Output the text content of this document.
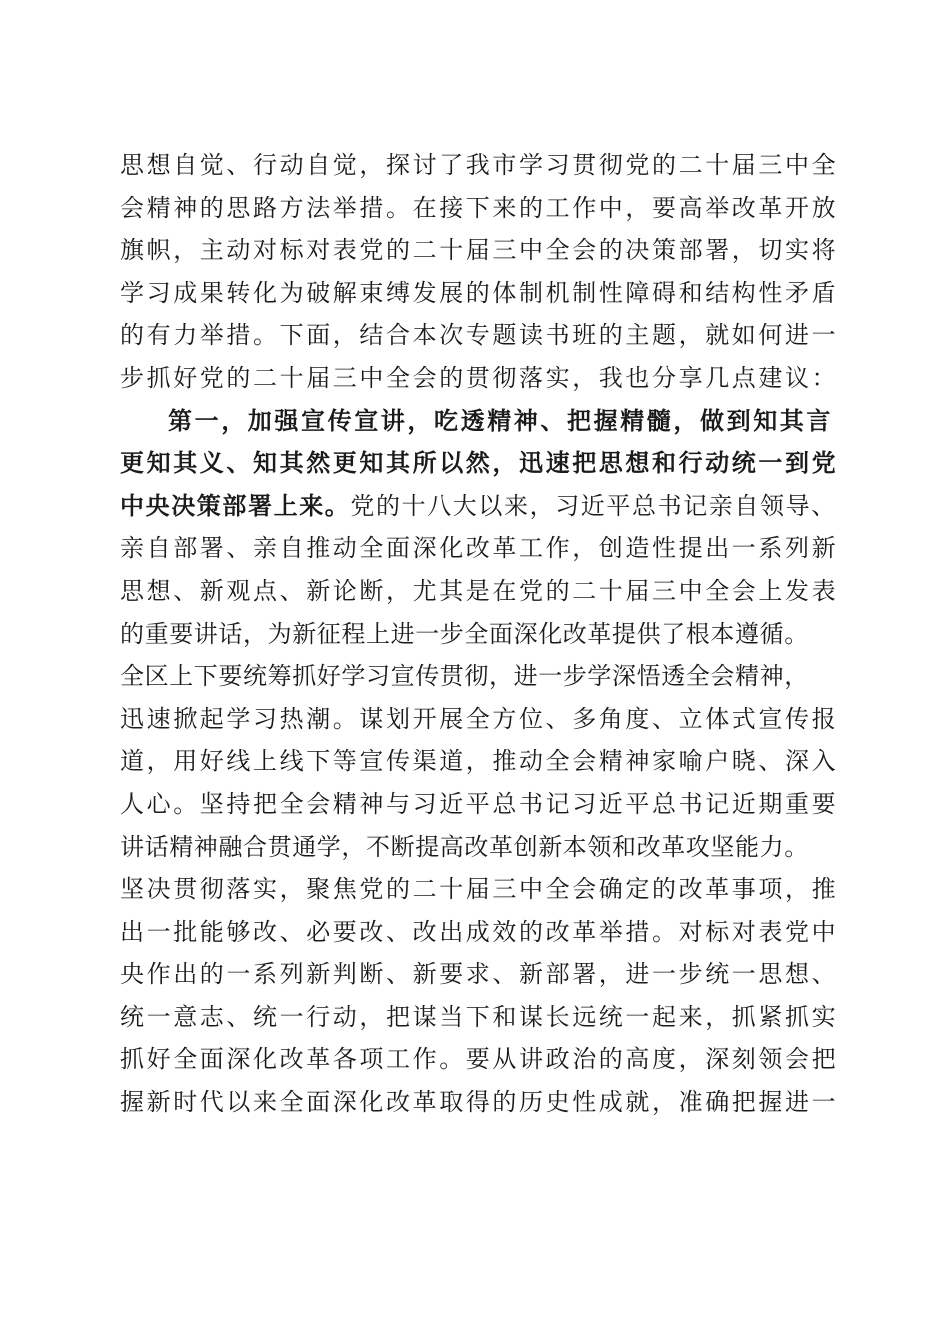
思想自觉、行动自觉，探讨了我市学习贯彻党的二十届三中全
会精神的思路方法举措。在接下来的工作中，要高举改革开放
旗帜，主动对标对表党的二十届三中全会的决策部署，切实将
学习成果转化为破解束缚发展的体制机制性障碍和结构性矛盾
的有力举措。下面，结合本次专题读书班的主题，就如何进一
步抓好党的二十届三中全会的贯彻落实，我也分享几点建议：
第一，加强宣传宣讲，吃透精神、把握精髓，做到知其言
更知其义、知其然更知其所以然，迅速把思想和行动统一到党
中央决策部署上来。党的十八大以来，习近平总书记亲自领导、
亲自部署、亲自推动全面深化改革工作，创造性提出一系列新
思想、新观点、新论断，尤其是在党的二十届三中全会上发表
的重要讲话，为新征程上进一步全面深化改革提供了根本遵循。
全区上下要统筹抓好学习宣传贯彻，进一步学深悟透全会精神，
迅速掀起学习热潮。谋划开展全方位、多角度、立体式宣传报
道，用好线上线下等宣传渠道，推动全会精神家喻户晓、深入
人心。坚持把全会精神与习近平总书记习近平总书记近期重要
讲话精神融合贯通学，不断提高改革创新本领和改革攻坚能力。
坚决贯彻落实，聚焦党的二十届三中全会确定的改革事项，推
出一批能够改、必要改、改出成效的改革举措。对标对表党中
央作出的一系列新判断、新要求、新部署，进一步统一思想、
统一意志、统一行动，把谋当下和谋长远统一起来，抓紧抓实
抓好全面深化改革各项工作。要从讲政治的高度，深刻领会把
握新时代以来全面深化改革取得的历史性成就，准确把握进一
